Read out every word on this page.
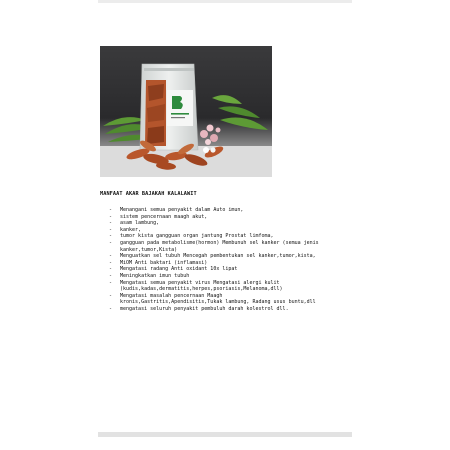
MANFAAT AKAR BAJAKAH KALALAWIT

- Menangani semua penyakit dalam Auto imun,
- sistem pencernaan maagh akut,
- asam lambung,
- kanker,
- tumor kista gangguan organ jantung Prostat limfoma,
- gangguan pada metabolisme(hormon) Membunuh sel kanker (semua jenis
kanker,tumor,Kista)
- Menguatkan sel tubuh Mencegah pembentukan sel kanker,tumor,kista,
- MiOM Anti baktari (inflamasi)
- Mengatasi radang Anti oxidant 10x lipat
- Meningkatkan imun tubuh
- Mengatasi semua penyakit virus Mengatasi alergi kulit
(kudis,kadas,dermatitis,herpes,psoriasis,Melanoma,dll)
- Mengatasi masalah pencernaan Maagh
kronis,Gastritis,Apendisitis,Tukak lambung, Radang usus buntu,dll
- mengatasi seluruh penyakit pembuluh darah kolestrol dll.
